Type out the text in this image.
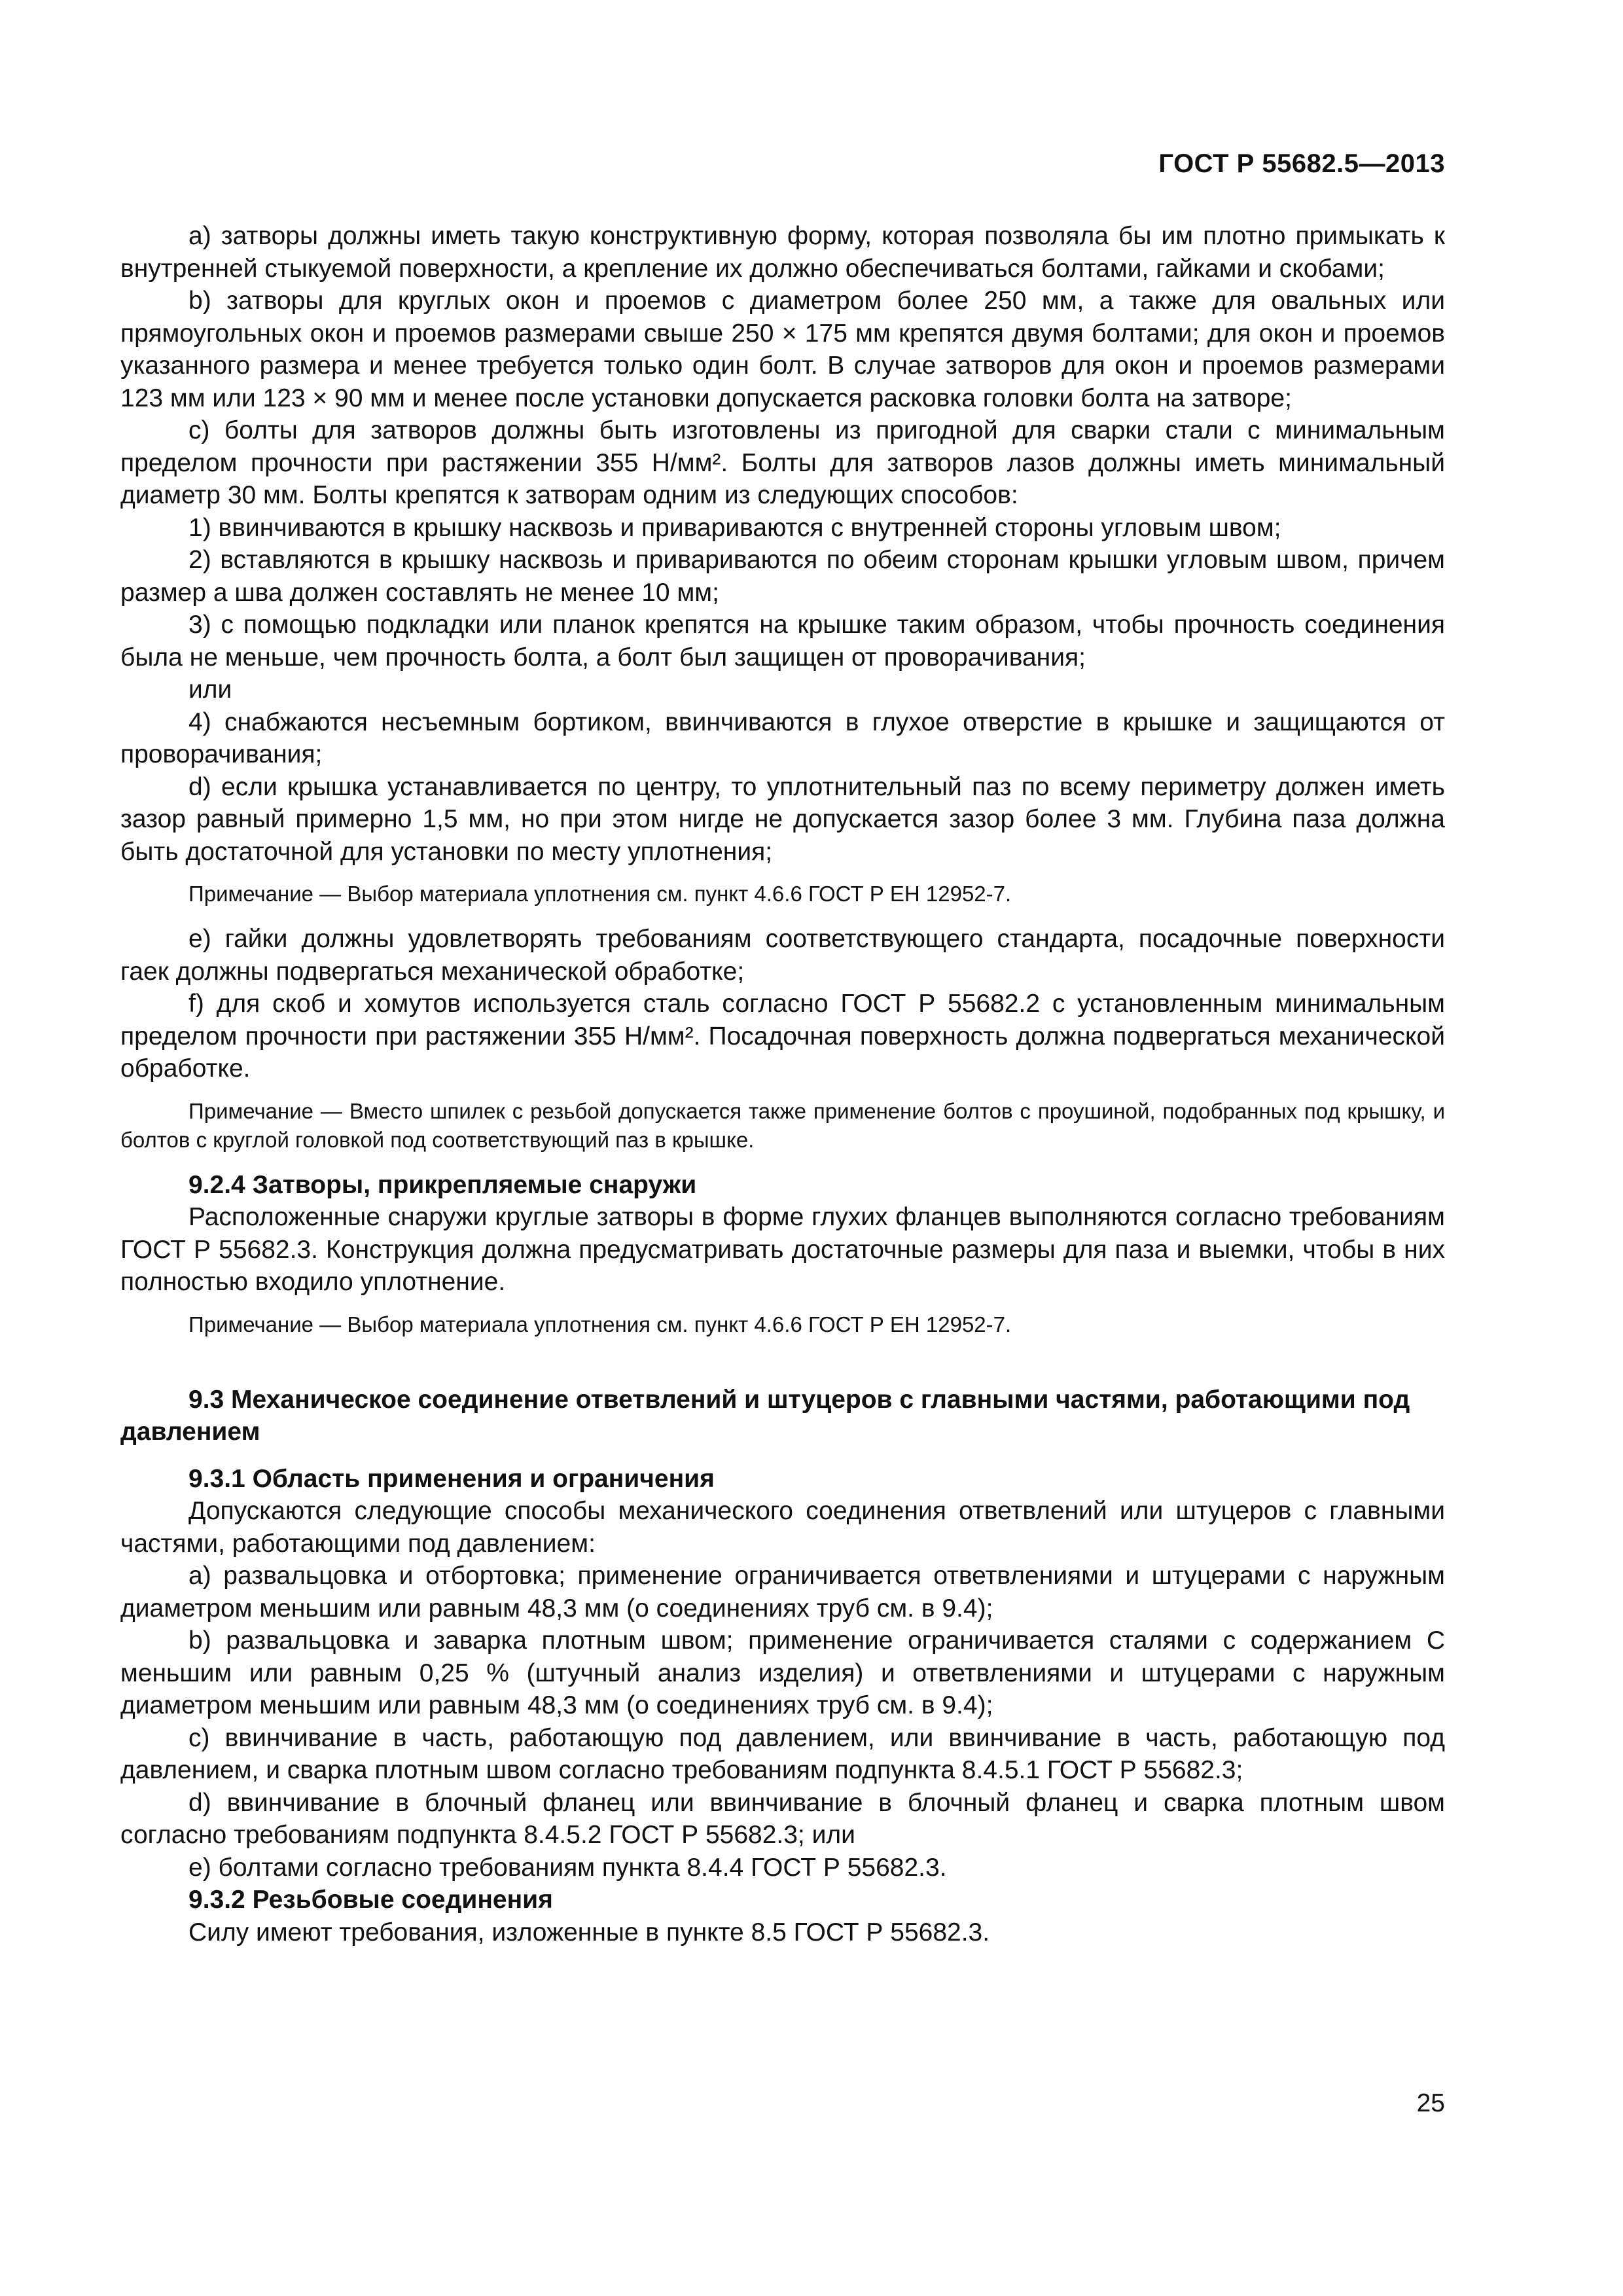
ГОСТ Р 55682.5—2013

a) затворы должны иметь такую конструктивную форму, которая позволяла бы им плотно примыкать к внутренней стыкуемой поверхности, а крепление их должно обеспечиваться болтами, гайками и скобами;

b) затворы для круглых окон и проемов с диаметром более 250 мм, а также для овальных или прямоугольных окон и проемов размерами свыше 250 × 175 мм крепятся двумя болтами; для окон и проемов указанного размера и менее требуется только один болт. В случае затворов для окон и проемов размерами 123 мм или 123 × 90 мм и менее после установки допускается расковка головки болта на затворе;

c) болты для затворов должны быть изготовлены из пригодной для сварки стали с минимальным пределом прочности при растяжении 355 Н/мм². Болты для затворов лазов должны иметь минимальный диаметр 30 мм. Болты крепятся к затворам одним из следующих способов:

1) ввинчиваются в крышку насквозь и привариваются с внутренней стороны угловым швом;

2) вставляются в крышку насквозь и привариваются по обеим сторонам крышки угловым швом, причем размер a шва должен составлять не менее 10 мм;

3) с помощью подкладки или планок крепятся на крышке таким образом, чтобы прочность соединения была не меньше, чем прочность болта, а болт был защищен от проворачивания;

или

4) снабжаются несъемным бортиком, ввинчиваются в глухое отверстие в крышке и защищаются от проворачивания;

d) если крышка устанавливается по центру, то уплотнительный паз по всему периметру должен иметь зазор равный примерно 1,5 мм, но при этом нигде не допускается зазор более 3 мм. Глубина паза должна быть достаточной для установки по месту уплотнения;

Примечание — Выбор материала уплотнения см. пункт 4.6.6 ГОСТ Р ЕН 12952-7.

e) гайки должны удовлетворять требованиям соответствующего стандарта, посадочные поверхности гаек должны подвергаться механической обработке;

f) для скоб и хомутов используется сталь согласно ГОСТ Р 55682.2 с установленным минимальным пределом прочности при растяжении 355 Н/мм². Посадочная поверхность должна подвергаться механической обработке.

Примечание — Вместо шпилек с резьбой допускается также применение болтов с проушиной, подобранных под крышку, и болтов с круглой головкой под соответствующий паз в крышке.

9.2.4 Затворы, прикрепляемые снаружи

Расположенные снаружи круглые затворы в форме глухих фланцев выполняются согласно требованиям ГОСТ Р 55682.3. Конструкция должна предусматривать достаточные размеры для паза и выемки, чтобы в них полностью входило уплотнение.

Примечание — Выбор материала уплотнения см. пункт 4.6.6 ГОСТ Р ЕН 12952-7.

9.3 Механическое соединение ответвлений и штуцеров с главными частями, работающими под давлением

9.3.1 Область применения и ограничения

Допускаются следующие способы механического соединения ответвлений или штуцеров с главными частями, работающими под давлением:

a) развальцовка и отбортовка; применение ограничивается ответвлениями и штуцерами с наружным диаметром меньшим или равным 48,3 мм (о соединениях труб см. в 9.4);

b) развальцовка и заварка плотным швом; применение ограничивается сталями с содержанием С меньшим или равным 0,25 % (штучный анализ изделия) и ответвлениями и штуцерами с наружным диаметром меньшим или равным 48,3 мм (о соединениях труб см. в 9.4);

c) ввинчивание в часть, работающую под давлением, или ввинчивание в часть, работающую под давлением, и сварка плотным швом согласно требованиям подпункта 8.4.5.1 ГОСТ Р 55682.3;

d) ввинчивание в блочный фланец или ввинчивание в блочный фланец и сварка плотным швом согласно требованиям подпункта 8.4.5.2 ГОСТ Р 55682.3; или

e) болтами согласно требованиям пункта 8.4.4 ГОСТ Р 55682.3.

9.3.2 Резьбовые соединения

Силу имеют требования, изложенные в пункте 8.5 ГОСТ Р 55682.3.

25
